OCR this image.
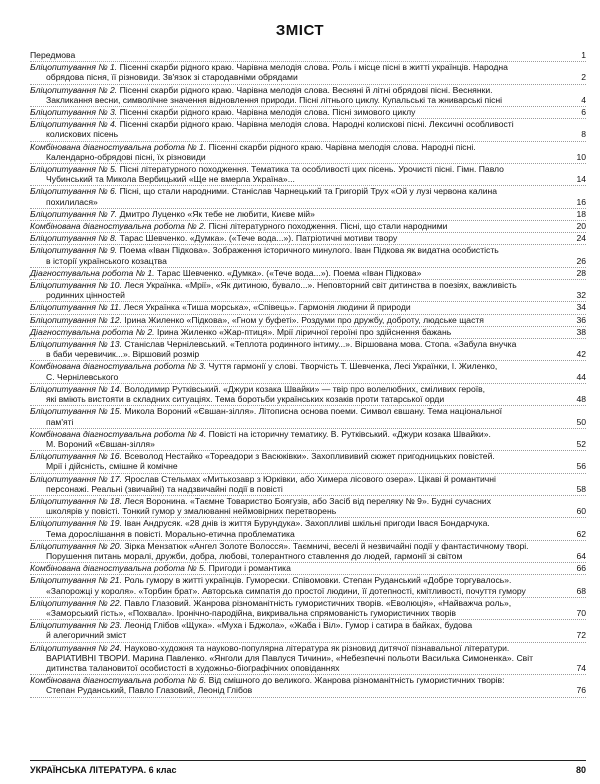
ЗМІСТ
Передмова	1
Бліцопитування № 1. Пісенні скарби рідного краю. Чарівна мелодія слова. Роль і місце пісні в житті українців. Народна
обрядова пісня, її різновиди. Зв'язок зі стародавніми обрядами	2
Бліцопитування № 2. Пісенні скарби рідного краю. Чарівна мелодія слова. Весняні й літні обрядові пісні. Веснянки.
Закликання весни, символічне значення відновлення природи. Пісні літнього циклу. Купальські та жниварські пісні	4
Бліцопитування № 3. Пісенні скарби рідного краю. Чарівна мелодія слова. Пісні зимового циклу	6
Бліцопитування № 4. Пісенні скарби рідного краю. Чарівна мелодія слова. Народні колискові пісні. Лексичні особливості
колискових пісень	8
Комбінована діагностувальна робота № 1. Пісенні скарби рідного краю. Чарівна мелодія слова. Народні пісні.
Календарно-обрядові пісні, їх різновиди	10
Бліцопитування № 5. Пісні літературного походження. Тематика та особливості цих пісень. Урочисті пісні. Гімн. Павло
Чубинський та Микола Вербицький «Ще не вмерла Україна»...	14
Бліцопитування № 6. Пісні, що стали народними. Станіслав Чарнецький та Григорій Трух «Ой у лузі червона калина
похилилася»	16
Бліцопитування № 7. Дмитро Луценко «Як тебе не любити, Києве мій»	18
Комбінована діагностувальна робота № 2. Пісні літературного походження. Пісні, що стали народними	20
Бліцопитування № 8. Тарас Шевченко. «Думка». («Тече вода...»). Патріотичні мотиви твору	24
Бліцопитування № 9. Поема «Іван Підкова». Зображення історичного минулого. Іван Підкова як видатна особистість
в історії українського козацтва	26
Діагностувальна робота № 1. Тарас Шевченко. «Думка». («Тече вода...»). Поема «Іван Підкова»	28
Бліцопитування № 10. Леся Українка. «Мрії», «Як дитиною, бувало...». Неповторний світ дитинства в поезіях, важливість
родинних цінностей	32
Бліцопитування № 11. Леся Українка «Тиша морська», «Співець». Гармонія людини й природи	34
Бліцопитування № 12. Ірина Жиленко «Підкова», «Гном у буфеті». Роздуми про дружбу, доброту, людське щастя	36
Діагностувальна робота № 2. Ірина Жиленко «Жар-птиця». Мрії ліричної героїні про здійснення бажань	38
Бліцопитування № 13. Станіслав Чернілевський. «Теплота родинного інтиму...». Віршована мова. Стопа. «Забула внучка
в баби черевичик...». Віршовий розмір	42
Комбінована діагностувальна робота № 3. Чуття гармонії у слові. Творчість Т. Шевченка, Лесі Українки, І. Жиленко,
С. Чернілевського	44
Бліцопитування № 14. Володимир Рутківський. «Джури козака Швайки» — твір про волелюбних, сміливих героїв,
які вміють вистояти в складних ситуаціях. Тема боротьби українських козаків проти татарської орди	48
Бліцопитування № 15. Микола Вороний «Євшан-зілля». Літописна основа поеми. Символ євшану. Тема національної
пам'яті	50
Комбінована діагностувальна робота № 4. Повісті на історичну тематику. В. Рутківський. «Джури козака Швайки».
М. Вороний «Євшан-зілля»	52
Бліцопитування № 16. Всеволод Нестайко «Тореадори з Васюківки». Захоплививий сюжет пригодницьких повістей.
Мрії і дійсність, смішне й комічне	56
Бліцопитування № 17. Ярослав Стельмах «Митькозавр з Юрківки, або Химера лісового озера». Цікаві й романтичні
персонажі. Реальні (звичайні) та надзвичайні події в повісті	58
Бліцопитування № 18. Леся Воронина. «Таємне Товариство Боягузів, або Засіб від переляку № 9». Будні сучасних
школярів у повісті. Тонкий гумор у змалюванні неймовірних перетворень	60
Бліцопитування № 19. Іван Андрусяк. «28 днів із життя Бурундука». Захоплливі шкільні пригоди Івася Бондарчука.
Тема дорослішання в повісті. Морально-етична проблематика	62
Бліцопитування № 20. Зірка Мензатюк «Ангел Золоте Волосся». Таємничі, веселі й незвичайні події у фантастичному творі.
Порушення питань моралі, дружби, добра, любові, толерантного ставлення до людей, гармонії зі світом	64
Комбінована діагностувальна робота № 5. Пригоди і романтика	66
Бліцопитування № 21. Роль гумору в житті українців. Гуморески. Співомовки. Степан Руданський «Добре торгувалось».
«Запорожці у короля». «Торбин брат». Авторська симпатія до простої людини, її дотепності, кмітливості, почуття гумору	68
Бліцопитування № 22. Павло Глазовий. Жанрова різноманітність гумористичних творів. «Еволюція», «Найважча роль»,
«Заморський гість», «Похвала». Іронічно-пародійна, викривальна спрямованість гумористичних творів	70
Бліцопитування № 23. Леонід Глібов «Щука». «Муха і Бджола», «Жаба і Віл». Гумор і сатира в байках, будова
й алегоричний зміст	72
Бліцопитування № 24. Науково-художня та науково-популярна література як різновид дитячої пізнавальної літератури.
ВАРІАТИВНІ ТВОРИ. Марина Павленко. «Янголи для Павлуся Тичини», «Небезпечні польоти Василька Симоненка». Світ дитинства талановитої особистості в художньо-біографічних оповіданнях	74
Комбінована діагностувальна робота № 6. Від смішного до великого. Жанрова різноманітність гумористичних творів:
Степан Руданський, Павло Глазовий, Леонід Глібов	76
УКРАЇНСЬКА ЛІТЕРАТУРА. 6 клас	80
